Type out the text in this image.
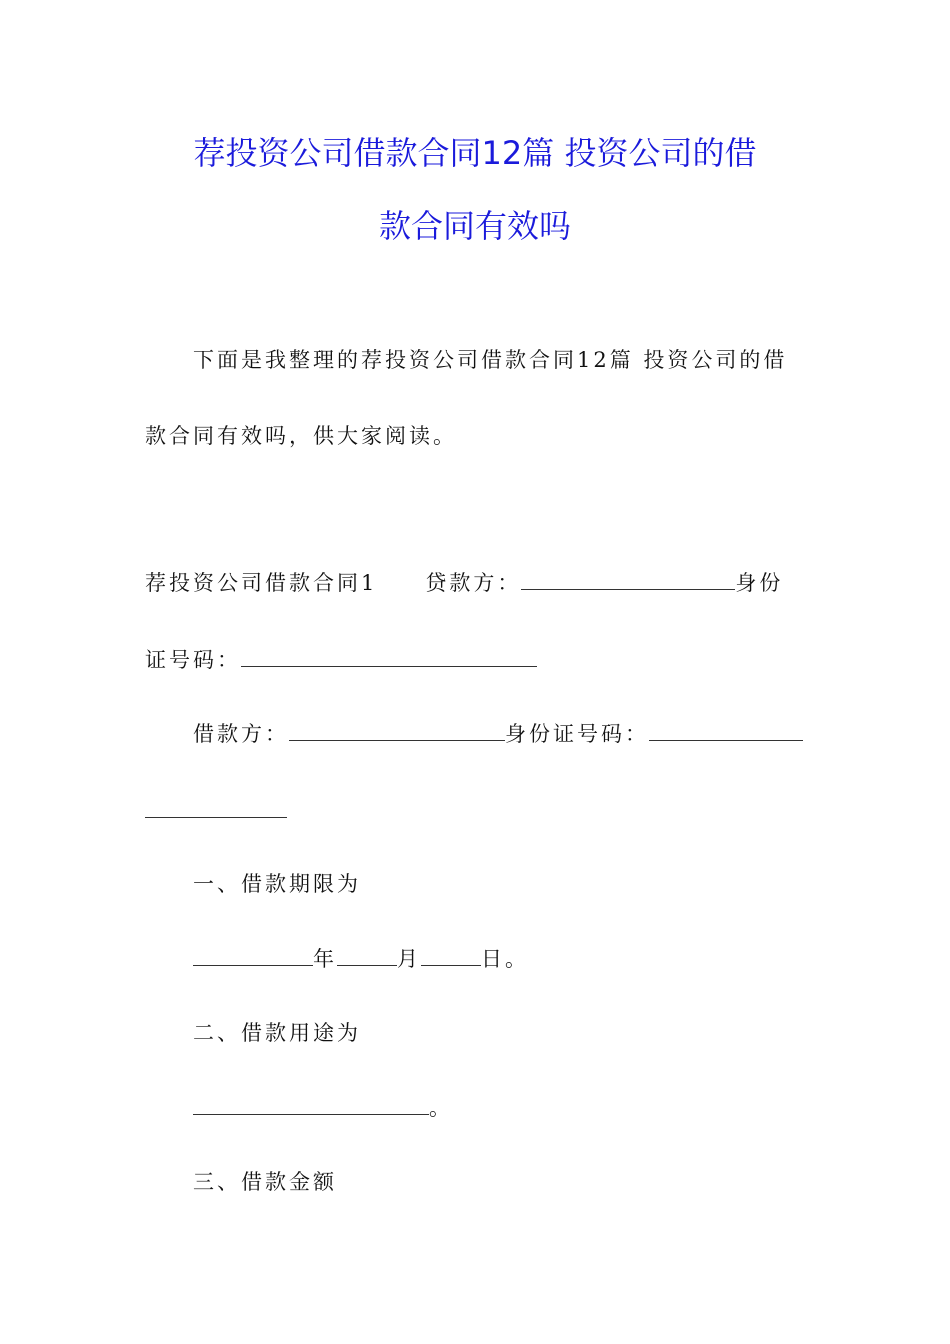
荐投资公司借款合同12篇 投资公司的借
款合同有效吗
下面是我整理的荐投资公司借款合同12篇 投资公司的借
款合同有效吗，供大家阅读。
荐投资公司借款合同1 贷款方：	身份
证号码：
借款方：	身份证号码：
一、借款期限为
年	月	日。
二、借款用途为
。
三、借款金额
